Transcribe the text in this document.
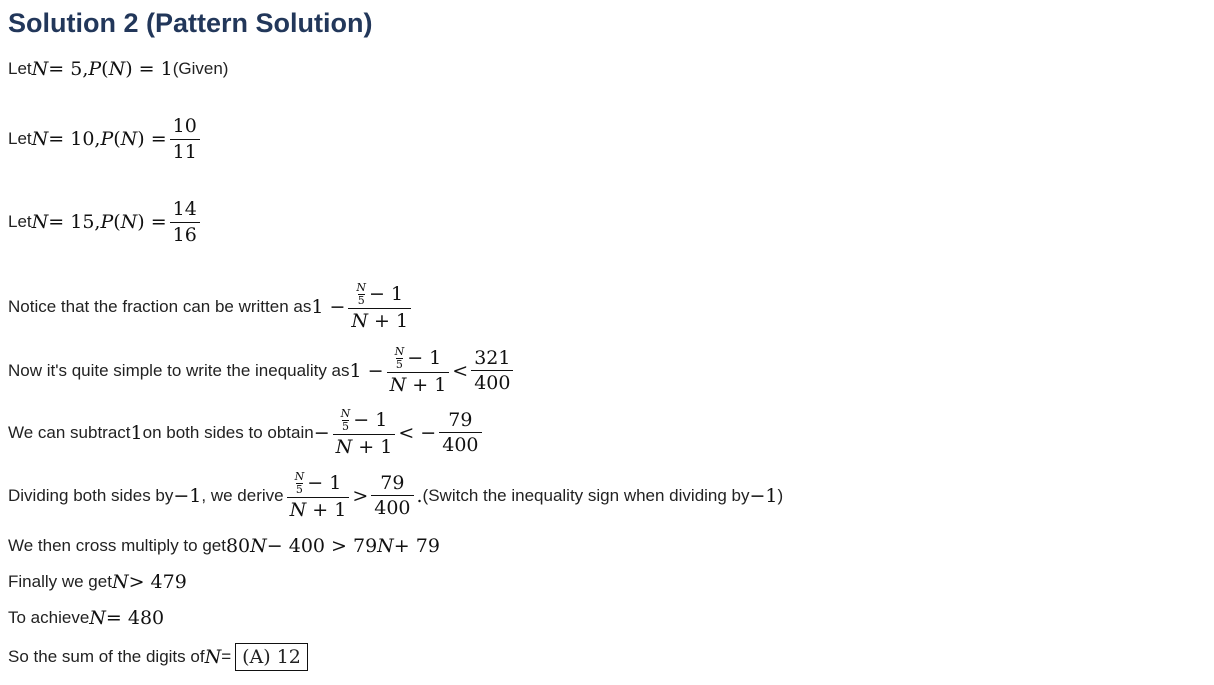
Solution 2 (Pattern Solution)
Let N = 5, P ( N ) = 1 (Given)
Let N = 10, P ( N ) = $\frac{10}{11}$
Let N = 15, P ( N ) = $\frac{14}{16}$
Notice that the fraction can be written as $1 - \frac{\frac{N}{5} - 1}{N + 1}$
Now it's quite simple to write the inequality as $1 - \frac{\frac{N}{5} - 1}{N + 1} < \frac{321}{400}$
We can subtract 1 on both sides to obtain − $\frac{\frac{N}{5} - 1}{N + 1}$ < − $\frac{79}{400}$
Dividing both sides by −1 , we derive $\frac{\frac{N}{5} - 1}{N + 1} > \frac{79}{400}$ . (Switch the inequality sign when dividing by −1 )
We then cross multiply to get 80 N − 400 > 79 N + 79
Finally we get N > 479
To achieve N = 480
So the sum of the digits of N = (A) 12
